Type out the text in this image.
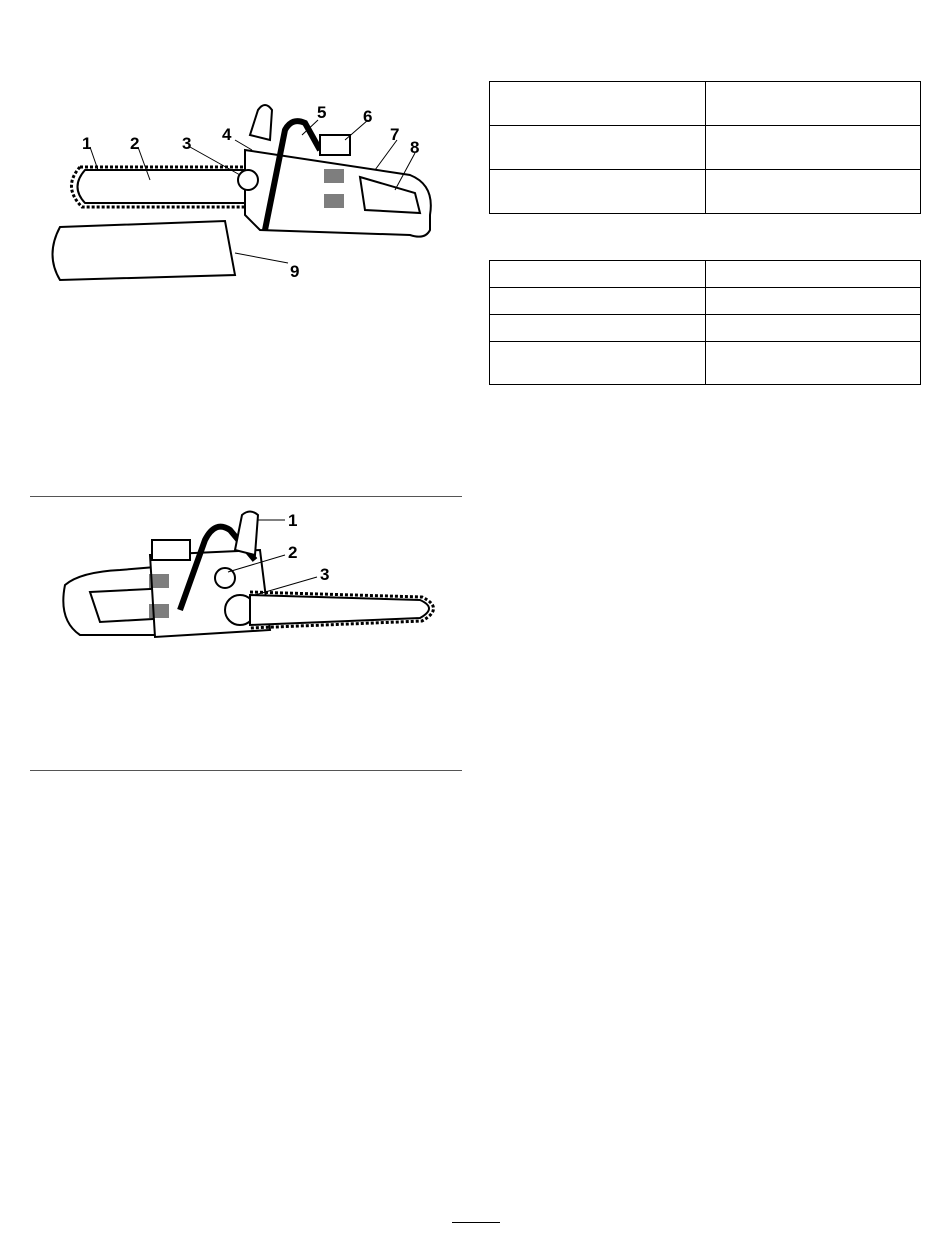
1 2	3 4
5 6
7
8
9
1
2
3
